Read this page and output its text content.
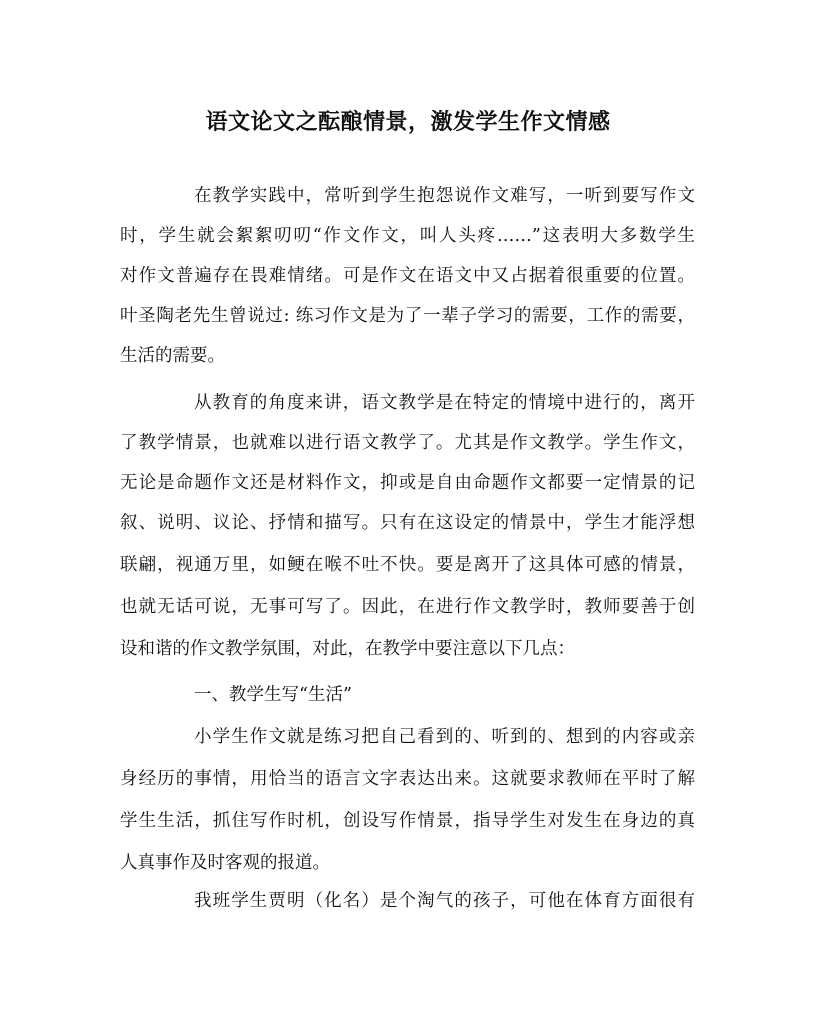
语文论文之酝酿情景，激发学生作文情感
在教学实践中，常听到学生抱怨说作文难写，一听到要写作文
时，学生就会絮絮叨叨“作文作文，叫人头疼……”这表明大多数学生
对作文普遍存在畏难情绪。可是作文在语文中又占据着很重要的位置。
叶圣陶老先生曾说过: 练习作文是为了一辈子学习的需要，工作的需要，
生活的需要。
从教育的角度来讲，语文教学是在特定的情境中进行的，离开
了教学情景，也就难以进行语文教学了。尤其是作文教学。学生作文，
无论是命题作文还是材料作文，抑或是自由命题作文都要一定情景的记
叙、说明、议论、抒情和描写。只有在这设定的情景中，学生才能浮想
联翩，视通万里，如鲠在喉不吐不快。要是离开了这具体可感的情景，
也就无话可说，无事可写了。因此，在进行作文教学时，教师要善于创
设和谐的作文教学氛围，对此，在教学中要注意以下几点：
一、教学生写“生活”
小学生作文就是练习把自己看到的、听到的、想到的内容或亲
身经历的事情，用恰当的语言文字表达出来。这就要求教师在平时了解
学生生活，抓住写作时机，创设写作情景，指导学生对发生在身边的真
人真事作及时客观的报道。
我班学生贾明（化名）是个淘气的孩子，可他在体育方面很有
